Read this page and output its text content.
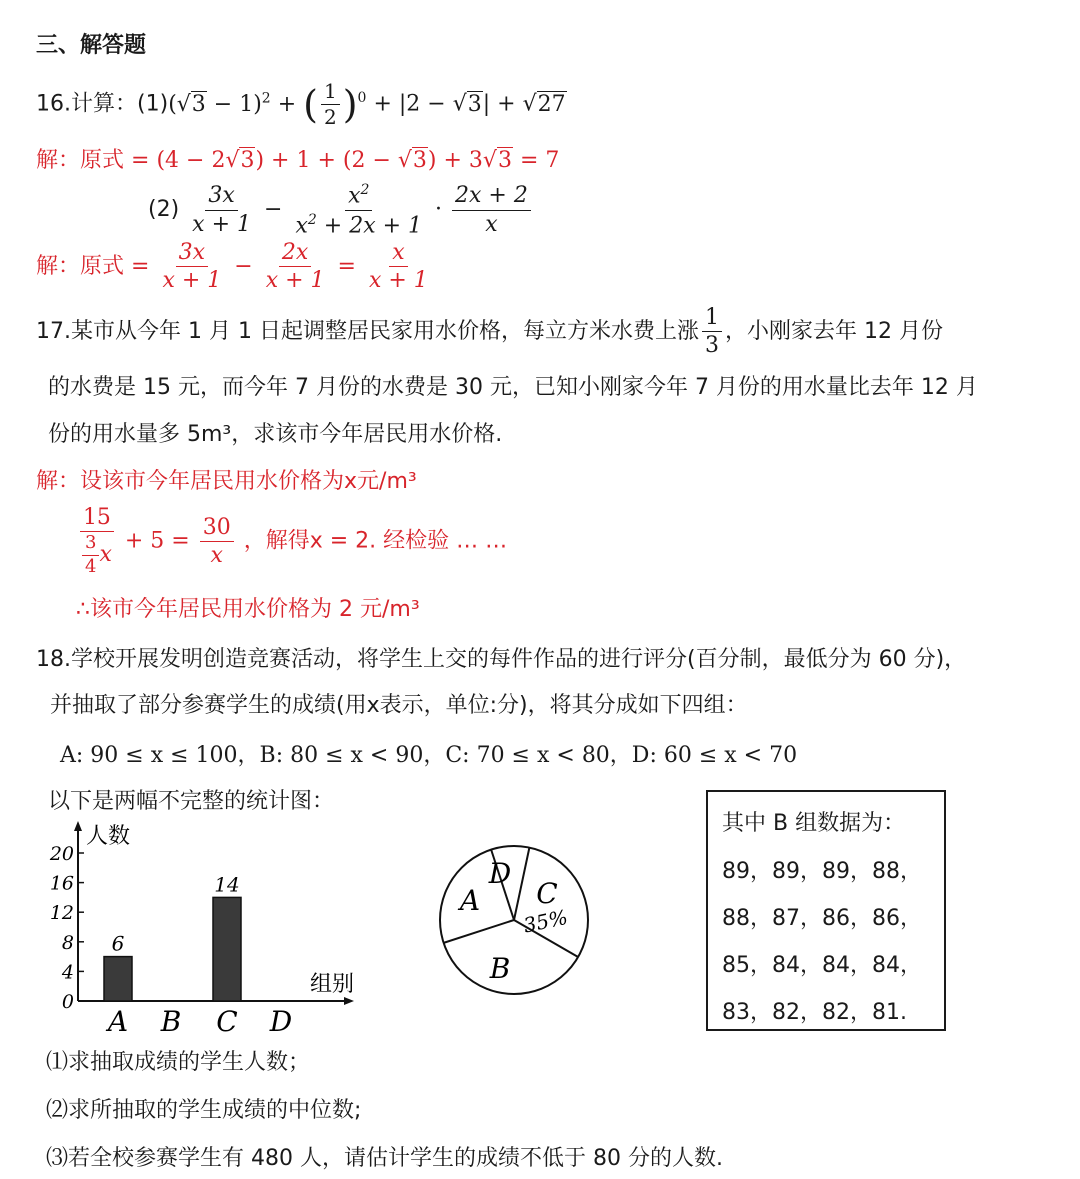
三、解答题
16.计算：$(1)(√3 - 1)^2$ + ( $\frac{1}{2} )^0 + |2 - √3| + √27$
解：原式 = (4 − 2√3) + 1 + (2 − √3) + 3√3 = 7
$(2) \frac{3x}{x + 1} - \frac{x^2}{x^2 + 2x + 1} \cdot \frac{2x + 2}{x}$
解：原式 = $\frac{3x}{x + 1} - \frac{2x}{x + 1} = \frac{x}{x + 1}$
17.某市从今年 1 月 1 日起调整居民家用水价格，每立方米水费上涨 $\frac{1}{3}$ ，小刚家去年 12 月份
的水费是 15 元，而今年 7 月份的水费是 30 元，已知小刚家今年 7 月份的用水量比去年 12 月
份的用水量多 5m³，求该市今年居民用水价格.
解：设该市今年居民用水价格为x元/m³
$\frac{15}{\frac{3}{4} x} + 5 = \frac{30}{x}$ ，解得x = 2. 经检验 … …
∴该市今年居民用水价格为 2 元/m³
18.学校开展发明创造竞赛活动，将学生上交的每件作品的进行评分(百分制，最低分为 60 分)，
并抽取了部分参赛学生的成绩(用x表示，单位:分)，将其分成如下四组：
A: 90 ≤ x ≤ 100，B: 80 ≤ x < 90，C: 70 ≤ x < 80，D: 60 ≤ x < 70
以下是两幅不完整的统计图：
人数
组别
0
4
8
12
16
20
6
14
A B C D
A
B
C
D
35%
其中 B 组数据为：
89，89，89，88，
88，87，86，86，
85，84，84，84，
83，82，82，81.
⑴求抽取成绩的学生人数；
⑵求所抽取的学生成绩的中位数;
⑶若全校参赛学生有 480 人，请估计学生的成绩不低于 80 分的人数.
